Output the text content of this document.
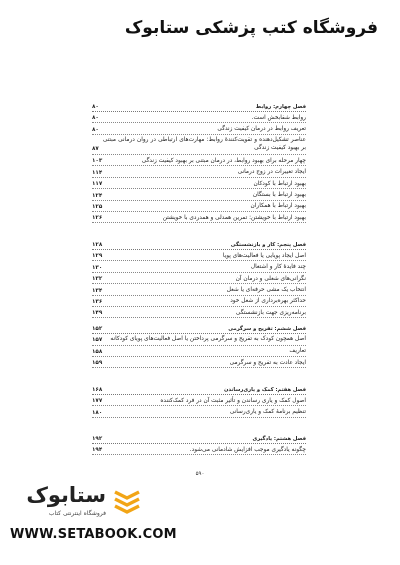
فروشگاه کتب پزشکی ستابوک
فصل چهارم: روابط
۸۰
روابط شفابخش است.
۸۰
تعریف روابط در درمان کیفیت زندگی
۸۰
عناصر تشکیل‌دهنده و تقویت‌کنندهٔ روابط: مهارت‌های ارتباطی در روان درمانی مبتنی بر بهبود کیفیت زندگی
۸۷
چهار مرحله برای بهبود روابط، در درمان مبتنی بر بهبود کیفیت زندگی
۱۰۳
ایجاد تغییرات در زوج درمانی
۱۱۴
بهبود ارتباط با کودکان
۱۱۷
بهبود ارتباط با بستگان
۱۲۴
بهبود ارتباط با همکاران
۱۲۵
بهبود ارتباط با خویشتن: تمرین همدلی و همدردی با خویشتن
۱۲۶
فصل پنجم: کار و بازنشستگی
۱۲۸
اصل ایجاد پویایی یا فعالیت‌های پویا
۱۲۹
چند فایدهٔ کار و اشتغال
۱۳۰
نگرانی‌های شغلی و درمان آن
۱۳۲
انتخاب یک مشی حرفه‌ای یا شغل
۱۳۴
حداکثر بهره‌برداری از شغل خود
۱۳۶
برنامه‌ریزی جهت بازنشستگی
۱۴۹
فصل ششم: تفریح و سرگرمی
۱۵۲
اصل همچون کودک به تفریح و سرگرمی پرداختن یا اصل فعالیت‌های پویای کودکانه
۱۵۷
تعاریف
۱۵۸
ایجاد عادت به تفریح و سرگرمی
۱۵۹
فصل هفتم: کمک و یاری‌رساندن
۱۶۸
اصول کمک و یاری رساندن و تأثیر مثبت آن در فرد کمک‌کننده
۱۷۷
تنظیم برنامهٔ کمک و یاری‌رسانی
۱۸۰
فصل هشتم: یادگیری
۱۹۲
چگونه یادگیری موجب افزایش شادمانی می‌شود.
۱۹۴
۵۹۰
ستابوک
فروشگاه اینترنتی کتاب
WWW.SETABOOK.COM
